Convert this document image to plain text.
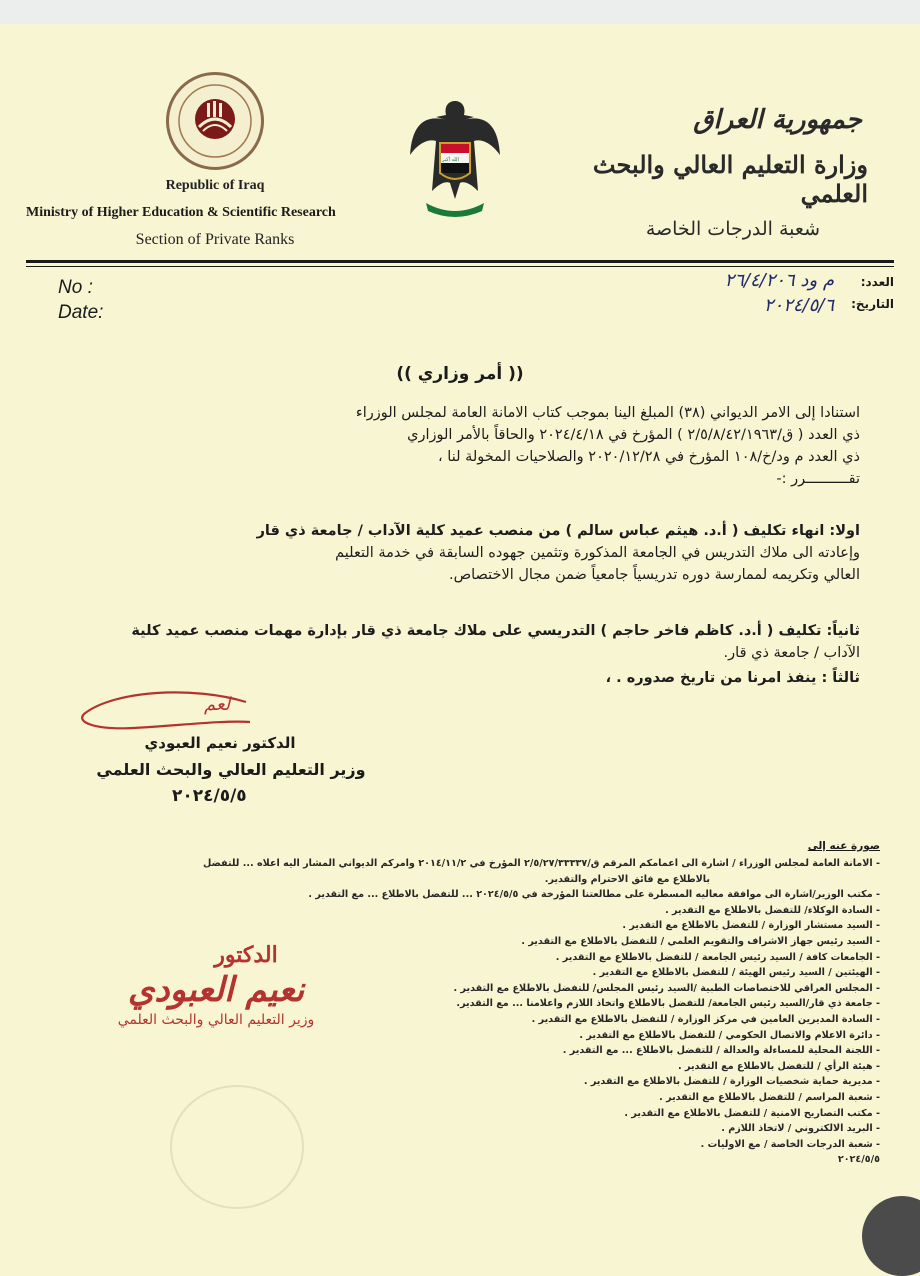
Republic of Iraq
Ministry of Higher Education & Scientific Research
Section of Private Ranks
الله أكبر
جمهورية العراق
وزارة التعليم العالي والبحث العلمي
شعبة الدرجات الخاصة
No :
Date:
العدد:
التاريخ:
م ود ٢٦/٤/٢٠٦
٢٠٢٤/٥/٦
(( أمر وزاري ))
استنادا إلى الامر الديواني (٣٨) المبلغ الينا بموجب كتاب الامانة العامة لمجلس الوزراء
ذي العدد ( ق/٢/٥/٨/٤٢/١٩٦٣ ) المؤرخ في ٢٠٢٤/٤/١٨ والحاقاً بالأمر الوزاري
ذي العدد م ود/خ/١٠٨ المؤرخ في ٢٠٢٠/١٢/٢٨ والصلاحيات المخولة لنا ،
تقــــــــــرر :-
اولا: انهاء تكليف ( أ.د. هيثم عباس سالم ) من منصب عميد كلية الآداب / جامعة ذي قار
وإعادته الى ملاك التدريس في الجامعة المذكورة وتثمين جهوده السابقة في خدمة التعليم
العالي وتكريمه لممارسة دوره تدريسياً جامعياً ضمن مجال الاختصاص.
ثانياً: تكليف ( أ.د. كاظم فاخر حاجم ) التدريسي على ملاك جامعة ذي قار بإدارة مهمات منصب عميد كلية
الآداب / جامعة ذي قار.
ثالثاً : ينفذ امرنا من تاريخ صدوره . ،
لعم
الدكتور نعيم العبودي
وزير التعليم العالي والبحث العلمي
٢٠٢٤/٥/٥
صورة عنه إلى
- الامانة العامة لمجلس الوزراء / اشارة الى اعمامكم المرقم ق/٢/٥/٢٧/٣٣٣٣٧ المؤرخ في ٢٠١٤/١١/٢ وامركم الديواني المشار اليه اعلاه ... للتفضل
بالاطلاع مع فائق الاحترام والتقدير.
- مكتب الوزير/اشارة الى موافقة معاليه المسطرة على مطالعتنا المؤرخة في ٢٠٢٤/٥/٥ ... للتفضل بالاطلاع ... مع التقدير .
- السادة الوكلاء/ للتفضل بالاطلاع مع التقدير .
- السيد مستشار الوزارة / للتفضل بالاطلاع مع التقدير .
- السيد رئيس جهاز الاشراف والتقويم العلمي / للتفضل بالاطلاع مع التقدير .
- الجامعات كافة / السيد رئيس الجامعة / للتفضل بالاطلاع مع التقدير .
- الهيئتين / السيد رئيس الهيئة / للتفضل بالاطلاع مع التقدير .
- المجلس العراقي للاختصاصات الطبية /السيد رئيس المجلس/ للتفضل بالاطلاع مع التقدير .
- جامعة ذي قار/السيد رئيس الجامعة/ للتفضل بالاطلاع واتخاذ اللازم واعلامنا ... مع التقدير.
- السادة المديرين العامين في مركز الوزارة / للتفضل بالاطلاع مع التقدير .
- دائرة الاعلام والاتصال الحكومي / للتفضل بالاطلاع مع التقدير .
- اللجنة المحلية للمساءلة والعدالة / للتفضل بالاطلاع ... مع التقدير .
- هيئة الرأي / للتفضل بالاطلاع مع التقدير .
- مديرية حماية شخصيات الوزارة / للتفضل بالاطلاع مع التقدير .
- شعبة المراسم / للتفضل بالاطلاع مع التقدير .
- مكتب التصاريح الامنية / للتفضل بالاطلاع مع التقدير .
- البريد الالكتروني / لاتخاذ اللازم .
- شعبة الدرجات الخاصة / مع الاوليات .
٢٠٢٤/٥/٥
الدكتور
نعيم العبودي
وزير التعليم العالي والبحث العلمي
